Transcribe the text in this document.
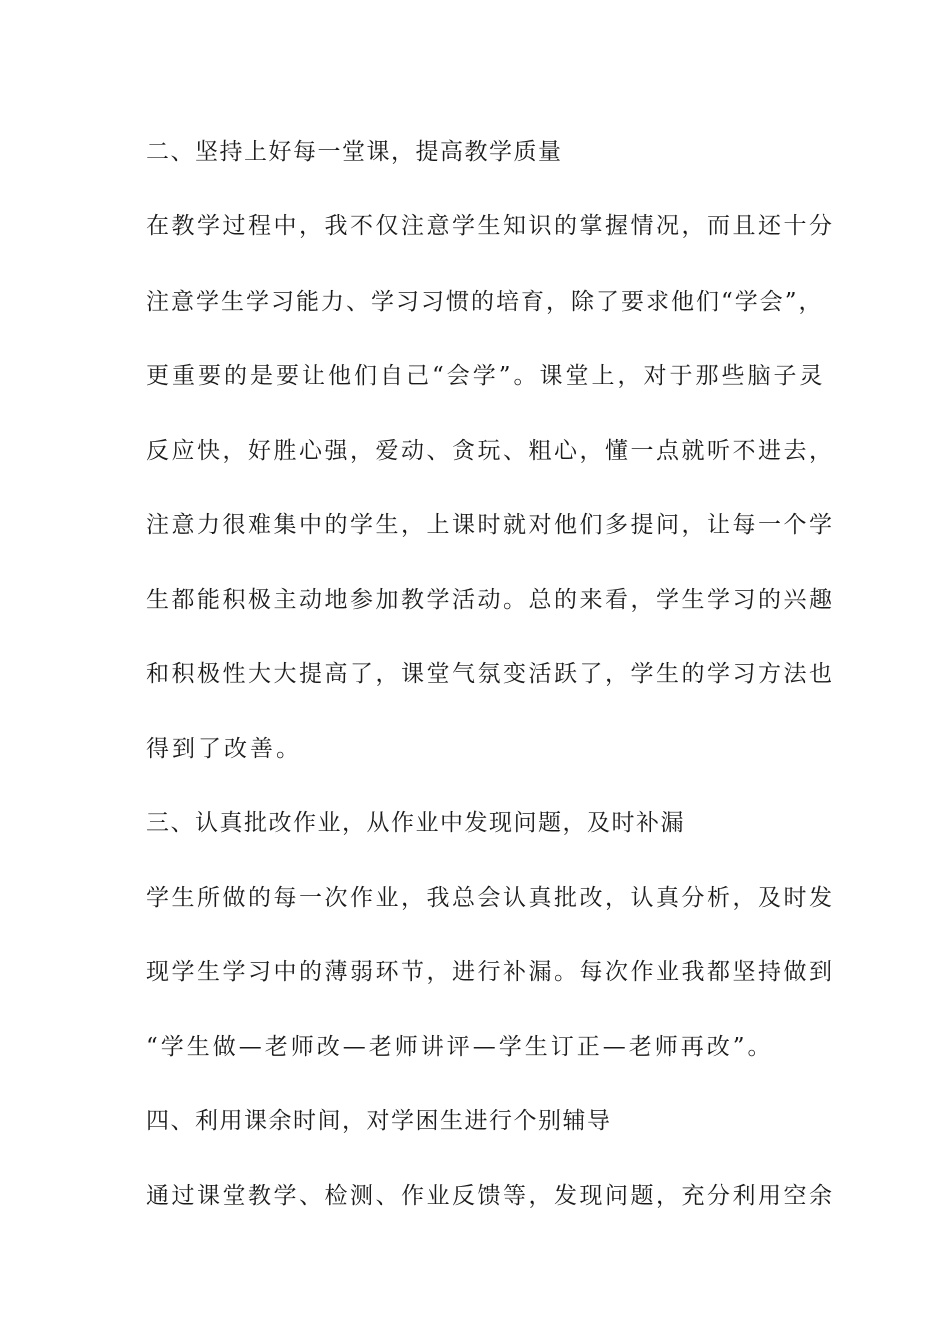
二、坚持上好每一堂课，提高教学质量
在教学过程中，我不仅注意学生知识的掌握情况，而且还十分
注意学生学习能力、学习习惯的培育，除了要求他们“学会”，
更重要的是要让他们自己“会学”。课堂上，对于那些脑子灵
反应快，好胜心强，爱动、贪玩、粗心，懂一点就听不进去，
注意力很难集中的学生，上课时就对他们多提问，让每一个学
生都能积极主动地参加教学活动。总的来看，学生学习的兴趣
和积极性大大提高了，课堂气氛变活跃了，学生的学习方法也
得到了改善。
三、认真批改作业，从作业中发现问题，及时补漏
学生所做的每一次作业，我总会认真批改，认真分析，及时发
现学生学习中的薄弱环节，进行补漏。每次作业我都坚持做到
“学生做—老师改—老师讲评—学生订正—老师再改”。
四、利用课余时间，对学困生进行个别辅导
通过课堂教学、检测、作业反馈等，发现问题，充分利用空余
